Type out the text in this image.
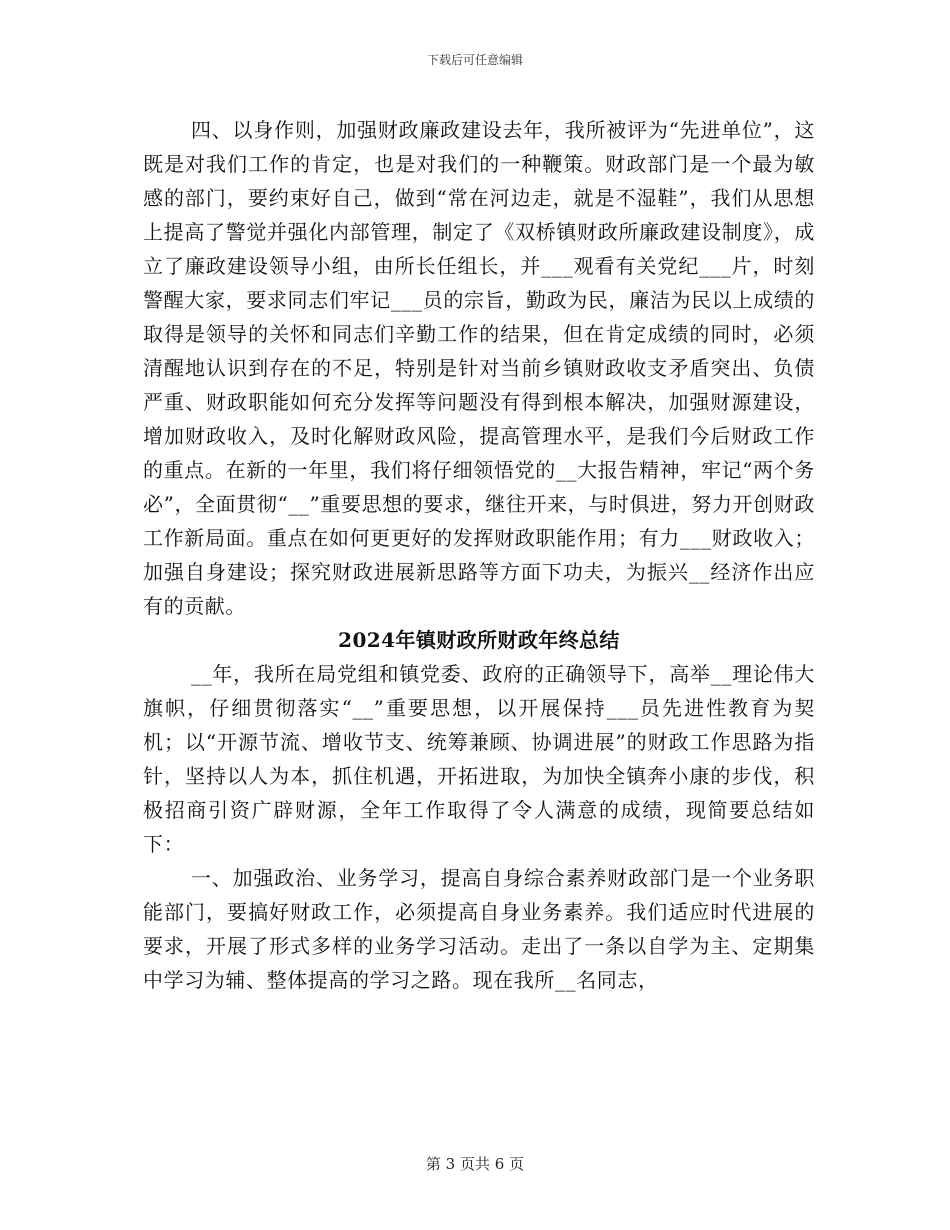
下载后可任意编辑

四、以身作则，加强财政廉政建设去年，我所被评为“先进单位”，这既是对我们工作的肯定，也是对我们的一种鞭策。财政部门是一个最为敏感的部门，要约束好自己，做到“常在河边走，就是不湿鞋”，我们从思想上提高了警觉并强化内部管理，制定了《双桥镇财政所廉政建设制度》，成立了廉政建设领导小组，由所长任组长，并___观看有关党纪___片，时刻警醒大家，要求同志们牢记___员的宗旨，勤政为民，廉洁为民以上成绩的取得是领导的关怀和同志们辛勤工作的结果，但在肯定成绩的同时，必须清醒地认识到存在的不足，特别是针对当前乡镇财政收支矛盾突出、负债严重、财政职能如何充分发挥等问题没有得到根本解决，加强财源建设，增加财政收入，及时化解财政风险，提高管理水平，是我们今后财政工作的重点。在新的一年里，我们将仔细领悟党的__大报告精神，牢记“两个务必”，全面贯彻“__”重要思想的要求，继往开来，与时俱进，努力开创财政工作新局面。重点在如何更更好的发挥财政职能作用；有力___财政收入；加强自身建设；探究财政进展新思路等方面下功夫，为振兴__经济作出应有的贡献。

2024年镇财政所财政年终总结

__年，我所在局党组和镇党委、政府的正确领导下，高举__理论伟大旗帜，仔细贯彻落实“__”重要思想，以开展保持___员先进性教育为契机；以“开源节流、增收节支、统筹兼顾、协调进展”的财政工作思路为指针，坚持以人为本，抓住机遇，开拓进取，为加快全镇奔小康的步伐，积极招商引资广辟财源，全年工作取得了令人满意的成绩，现简要总结如下：

一、加强政治、业务学习，提高自身综合素养财政部门是一个业务职能部门，要搞好财政工作，必须提高自身业务素养。我们适应时代进展的要求，开展了形式多样的业务学习活动。走出了一条以自学为主、定期集中学习为辅、整体提高的学习之路。现在我所__名同志，

第 3 页共 6 页
